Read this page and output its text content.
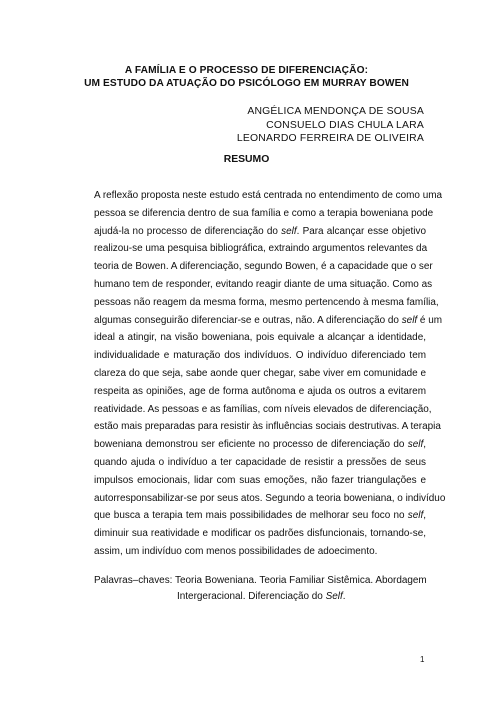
A FAMÍLIA E O PROCESSO DE DIFERENCIAÇÃO:
UM ESTUDO DA ATUAÇÃO DO PSICÓLOGO EM MURRAY BOWEN
ANGÉLICA MENDONÇA DE SOUSA
CONSUELO DIAS CHULA LARA
LEONARDO FERREIRA DE OLIVEIRA
RESUMO
A reflexão proposta neste estudo está centrada no entendimento de como uma
pessoa se diferencia dentro de sua família e como a terapia boweniana pode
ajudá-la no processo de diferenciação do self. Para alcançar esse objetivo
realizou-se uma pesquisa bibliográfica, extraindo argumentos relevantes da
teoria de Bowen. A diferenciação, segundo Bowen, é a capacidade que o ser
humano tem de responder, evitando reagir diante de uma situação. Como as
pessoas não reagem da mesma forma, mesmo pertencendo à mesma família,
algumas conseguirão diferenciar-se e outras, não. A diferenciação do self é um
ideal a atingir, na visão boweniana, pois equivale a alcançar a identidade,
individualidade e maturação dos indivíduos. O indivíduo diferenciado tem
clareza do que seja, sabe aonde quer chegar, sabe viver em comunidade e
respeita as opiniões, age de forma autônoma e ajuda os outros a evitarem
reatividade. As pessoas e as famílias, com níveis elevados de diferenciação,
estão mais preparadas para resistir às influências sociais destrutivas. A terapia
boweniana demonstrou ser eficiente no processo de diferenciação do self,
quando ajuda o indivíduo a ter capacidade de resistir a pressões de seus
impulsos emocionais, lidar com suas emoções, não fazer triangulações e
autorresponsabilizar-se por seus atos. Segundo a teoria boweniana, o indivíduo
que busca a terapia tem mais possibilidades de melhorar seu foco no self,
diminuir sua reatividade e modificar os padrões disfuncionais, tornando-se,
assim, um indivíduo com menos possibilidades de adoecimento.
Palavras–chaves: Teoria Boweniana. Teoria Familiar Sistêmica. Abordagem
Intergeracional. Diferenciação do Self.
1
